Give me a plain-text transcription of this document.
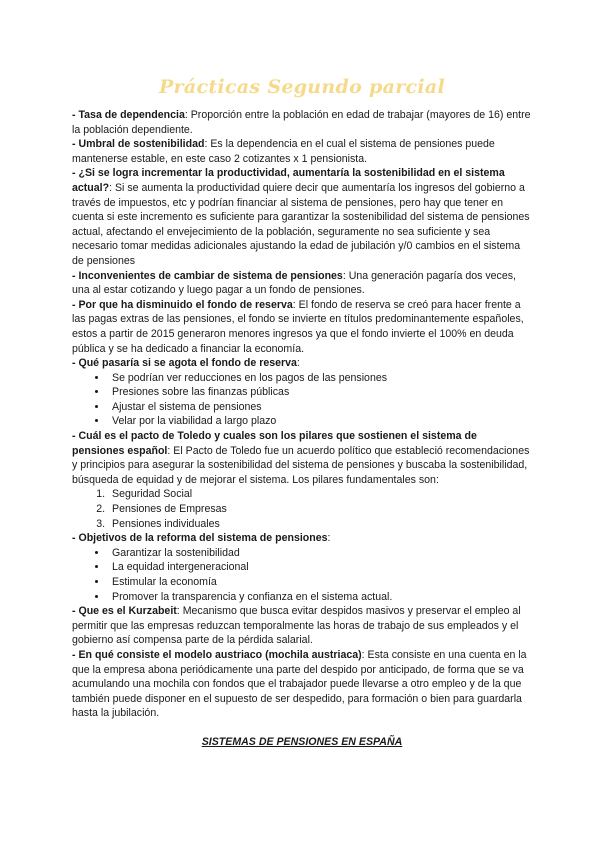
Prácticas Segundo parcial

- Tasa de dependencia: Proporción entre la población en edad de trabajar (mayores de 16) entre la población dependiente.

- Umbral de sostenibilidad: Es la dependencia en el cual el sistema de pensiones puede mantenerse estable, en este caso 2 cotizantes x 1 pensionista.

- ¿Si se logra incrementar la productividad, aumentaría la sostenibilidad en el sistema actual?: Si se aumenta la productividad quiere decir que aumentaría los ingresos del gobierno a través de impuestos, etc y podrían financiar al sistema de pensiones, pero hay que tener en cuenta si este incremento es suficiente para garantizar la sostenibilidad del sistema de pensiones actual, afectando el envejecimiento de la población, seguramente no sea suficiente y sea necesario tomar medidas adicionales ajustando la edad de jubilación y/0 cambios en el sistema de pensiones

- Inconvenientes de cambiar de sistema de pensiones: Una generación pagaría dos veces, una al estar cotizando y luego pagar a un fondo de pensiones.

- Por que ha disminuido el fondo de reserva: El fondo de reserva se creó para hacer frente a las pagas extras de las pensiones, el fondo se invierte en títulos predominantemente españoles, estos a partir de 2015 generaron menores ingresos ya que el fondo invierte el 100% en deuda pública y se ha dedicado a financiar la economía.

- Qué pasaría si se agota el fondo de reserva:

• Se podrían ver reducciones en los pagos de las pensiones
• Presiones sobre las finanzas públicas
• Ajustar el sistema de pensiones
• Velar por la viabilidad a largo plazo

- Cuál es el pacto de Toledo y cuales son los pilares que sostienen el sistema de pensiones español: El Pacto de Toledo fue un acuerdo político que estableció recomendaciones y principios para asegurar la sostenibilidad del sistema de pensiones y buscaba la sostenibilidad, búsqueda de equidad y de mejorar el sistema. Los pilares fundamentales son:

1. Seguridad Social
2. Pensiones de Empresas
3. Pensiones individuales

- Objetivos de la reforma del sistema de pensiones:

• Garantizar la sostenibilidad
• La equidad intergeneracional
• Estimular la economía
• Promover la transparencia y confianza en el sistema actual.

- Que es el Kurzabeit: Mecanismo que busca evitar despidos masivos y preservar el empleo al permitir que las empresas reduzcan temporalmente las horas de trabajo de sus empleados y el gobierno así compensa parte de la pérdida salarial.

- En qué consiste el modelo austriaco (mochila austriaca): Esta consiste en una cuenta en la que la empresa abona periódicamente una parte del despido por anticipado, de forma que se va acumulando una mochila con fondos que el trabajador puede llevarse a otro empleo y de la que también puede disponer en el supuesto de ser despedido, para formación o bien para guardarla hasta la jubilación.

SISTEMAS DE PENSIONES EN ESPAÑA
